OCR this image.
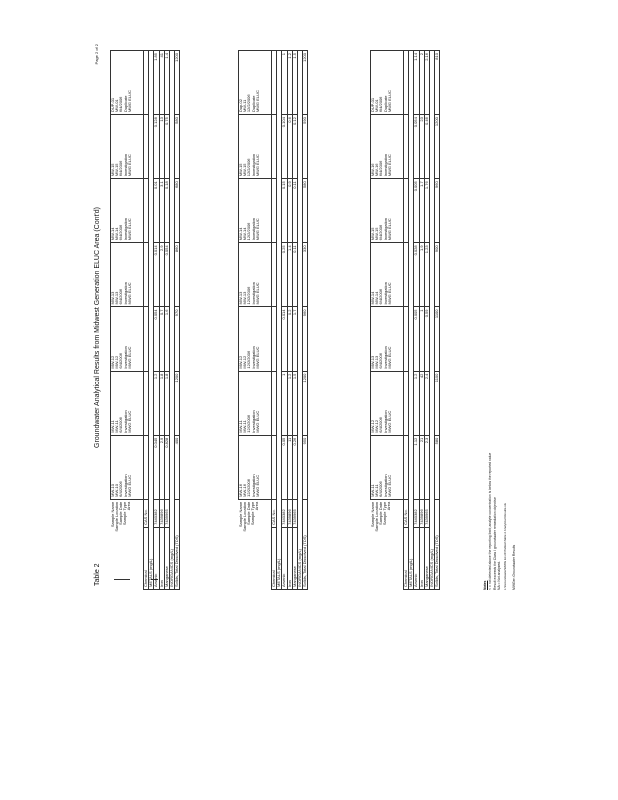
Table 2
Groundwater Analytical Results from Midwest Generation ELUC Area (Cont'd)
Page 2 of 2
Sample Name Sample Location Sample Date Sample Type Area		MW-10 MW-10 6/4/2006 Investigation MWG ELUC	MW-11 MW-11 6/4/2006 Investigation MWG ELUC	MW-12 MW-12 6/4/2006 Investigation MWG ELUC	MW-13 MW-13 6/4/2006 Investigation MWG ELUC	MW-14 MW-14 6/4/2006 Investigation MWG ELUC	MW-15 MW-15 6/4/2006 Investigation MWG ELUC	DUP-01 MW-01 6/4/2006 Duplicate MWG ELUC

Chemical	CAS No.							
METALS (mg/L)								
Arsenic	7440382	0.045	1.2	0.054	0.014	0.01	0.128	1.85
Iron	7439896	2.9	1.8	0.7	2.9	3.1	13	41
Manganese	7439965	0.828	1.8	1.6	0.054	0.18	0.75	1.4
INORGANICS (mg/L)								
Solids, Total Dissolved (TDS)		400	1200	970	860	680	580	1200
Sample Name Sample Location Sample Date Sample Type Area		MW-16 MW-16 12/2/2006 Investigation MWG ELUC	MW-11 MW-11 12/2/2006 Investigation MWG ELUC	MW-12 MW-12 12/2/2006 Investigation MWG ELUC	MW-13 MW-13 12/2/2006 Investigation MWG ELUC	MW-14 MW-14 12/2/2006 Investigation MWG ELUC	MW-15 MW-15 12/2/2006 Investigation MWG ELUC	Dup-02 MW-11 12/2/2006 Duplicate MWG ELUC

Chemical	CAS No.							
METALS (mg/L)								
Arsenic	7440382	0.05	1	0.014	0.25	0.15	0.104	1
Iron	7439896	11	1.2	0.2	1.4	0.9	0.6	1.2
Manganese	7439965	0.26	1.5	1.7	0.11	0.11	0.12	1.5
INORGANICS (mg/L)								
Solids, Total Dissolved (TDS)		950	1200	960	330	580	590	1200
Sample Name Sample Location Sample Date Sample Type Area		MW-11 MW-11 6/4/2006 Investigation MWG ELUC	MW-12 MW-12 6/4/2006 Investigation MWG ELUC	MW-13 MW-13 6/4/2006 Investigation MWG ELUC	MW-14 MW-14 6/4/2006 Investigation MWG ELUC	MW-15 MW-15 6/4/2006 Investigation MWG ELUC	MW-16 MW-16 6/4/2006 Investigation MWG ELUC	DUP-01 MW-01 6/4/2006 Duplicate MWG ELUC

Chemical	CAS No.							
METALS (mg/L)								
Arsenic	7440382	1.12	1.2	0.005	0.028	0.005	0.054	1.14
Iron	7439896	21	42	1	1.9	1.7	23	2
Manganese	7439965	2.3	2.4	0.59	1.23	1.76	0.46	2.16
INORGANICS (mg/L)								
Solids, Total Dissolved (TDS)		580	1100	1100	900	960	1200	810
Notes < = not detected above the reporting limit; analyte concentration is below the reported value Result exceeds the Class I groundwater remediation objective NA = Not analyzed. L:\Groundwater\MWG ELUC\Tables\Table 2 Analytical Results.xls MWGen Groundwater Results
